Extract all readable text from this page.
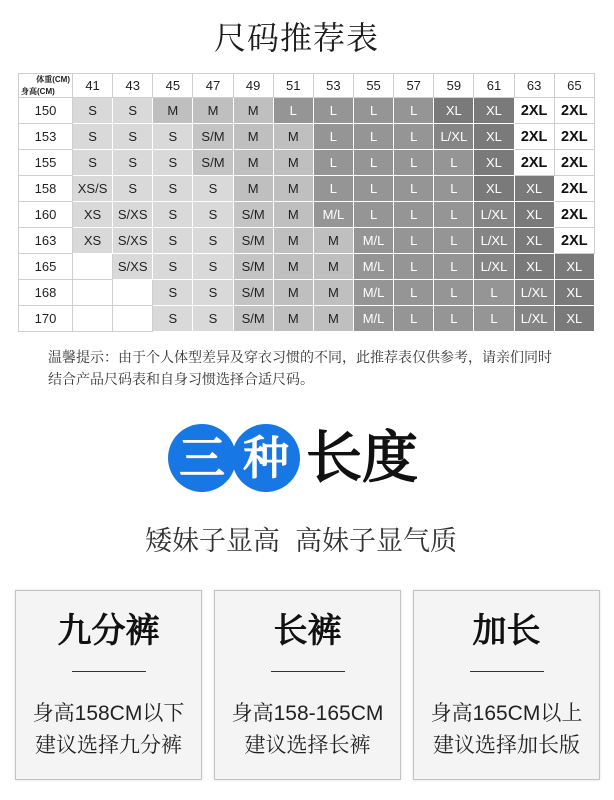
尺码推荐表
体重(CM)
身高(CM)	41	43	45	47	49	51	53	55	57	59	61	63	65
150	S	S	M	M	M	L	L	L	L	XL	XL	2XL	2XL
153	S	S	S	S/M	M	M	L	L	L	L/XL	XL	2XL	2XL
155	S	S	S	S/M	M	M	L	L	L	L	XL	2XL	2XL
158	XS/S	S	S	S	M	M	L	L	L	L	XL	XL	2XL
160	XS	S/XS	S	S	S/M	M	M/L	L	L	L	L/XL	XL	2XL
163	XS	S/XS	S	S	S/M	M	M	M/L	L	L	L/XL	XL	2XL
165		S/XS	S	S	S/M	M	M	M/L	L	L	L/XL	XL	XL
168			S	S	S/M	M	M	M/L	L	L	L	L/XL	XL
170			S	S	S/M	M	M	M/L	L	L	L	L/XL	XL
温馨提示：由于个人体型差异及穿衣习惯的不同，此推荐表仅供参考，请亲们同时
结合产品尺码表和自身习惯选择合适尺码。
三 种 长度
矮妹子显高  高妹子显气质
九分裤
身高158CM以下
建议选择九分裤
长裤
身高158-165CM
建议选择长裤
加长
身高165CM以上
建议选择加长版
